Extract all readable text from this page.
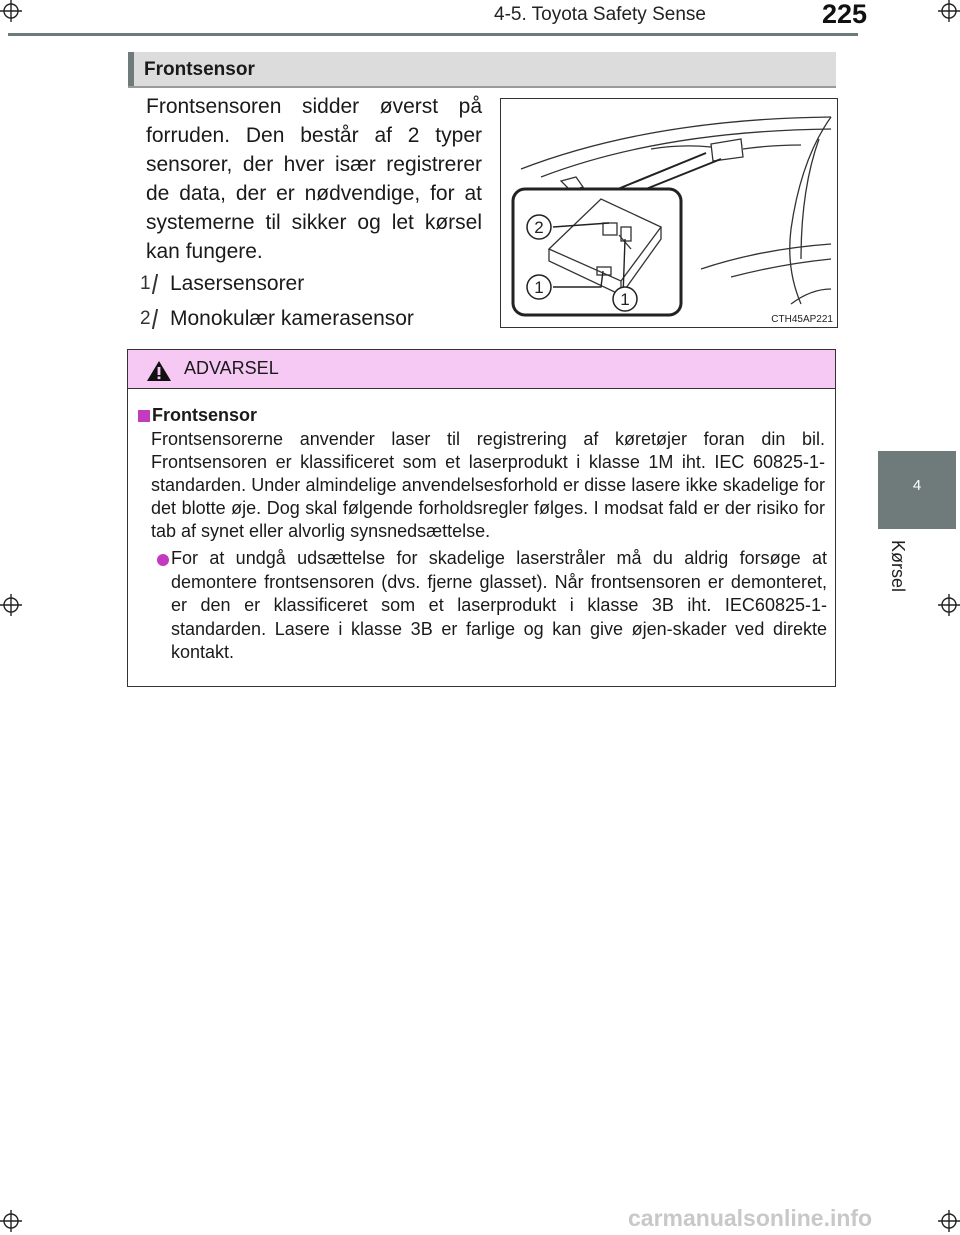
4-5. Toyota Safety Sense	225
4
Kørsel
Frontsensor

Frontsensoren sidder øverst på forruden. Den består af 2 typer sensorer, der hver især registrerer de data, der er nødvendige, for at systemerne til sikker og let kørsel kan fungere.

1 Lasersensorer
2 Monokulær kamerasensor
2
1
1
CTH45AP221
ADVARSEL
Frontsensor

Frontsensorerne anvender laser til registrering af køretøjer foran din bil. Frontsensoren er klassificeret som et laserprodukt i klasse 1M iht. IEC 60825-1-standarden. Under almindelige anvendelsesforhold er disse lasere ikke skadelige for det blotte øje. Dog skal følgende forholdsregler følges. I modsat fald er der risiko for tab af synet eller alvorlig synsnedsættelse.

For at undgå udsættelse for skadelige laserstråler må du aldrig forsøge at demontere frontsensoren (dvs. fjerne glasset). Når frontsensoren er demonteret, er den er klassificeret som et laserprodukt i klasse 3B iht. IEC60825-1-standarden. Lasere i klasse 3B er farlige og kan give øjen-skader ved direkte kontakt.

carmanualsonline.info
